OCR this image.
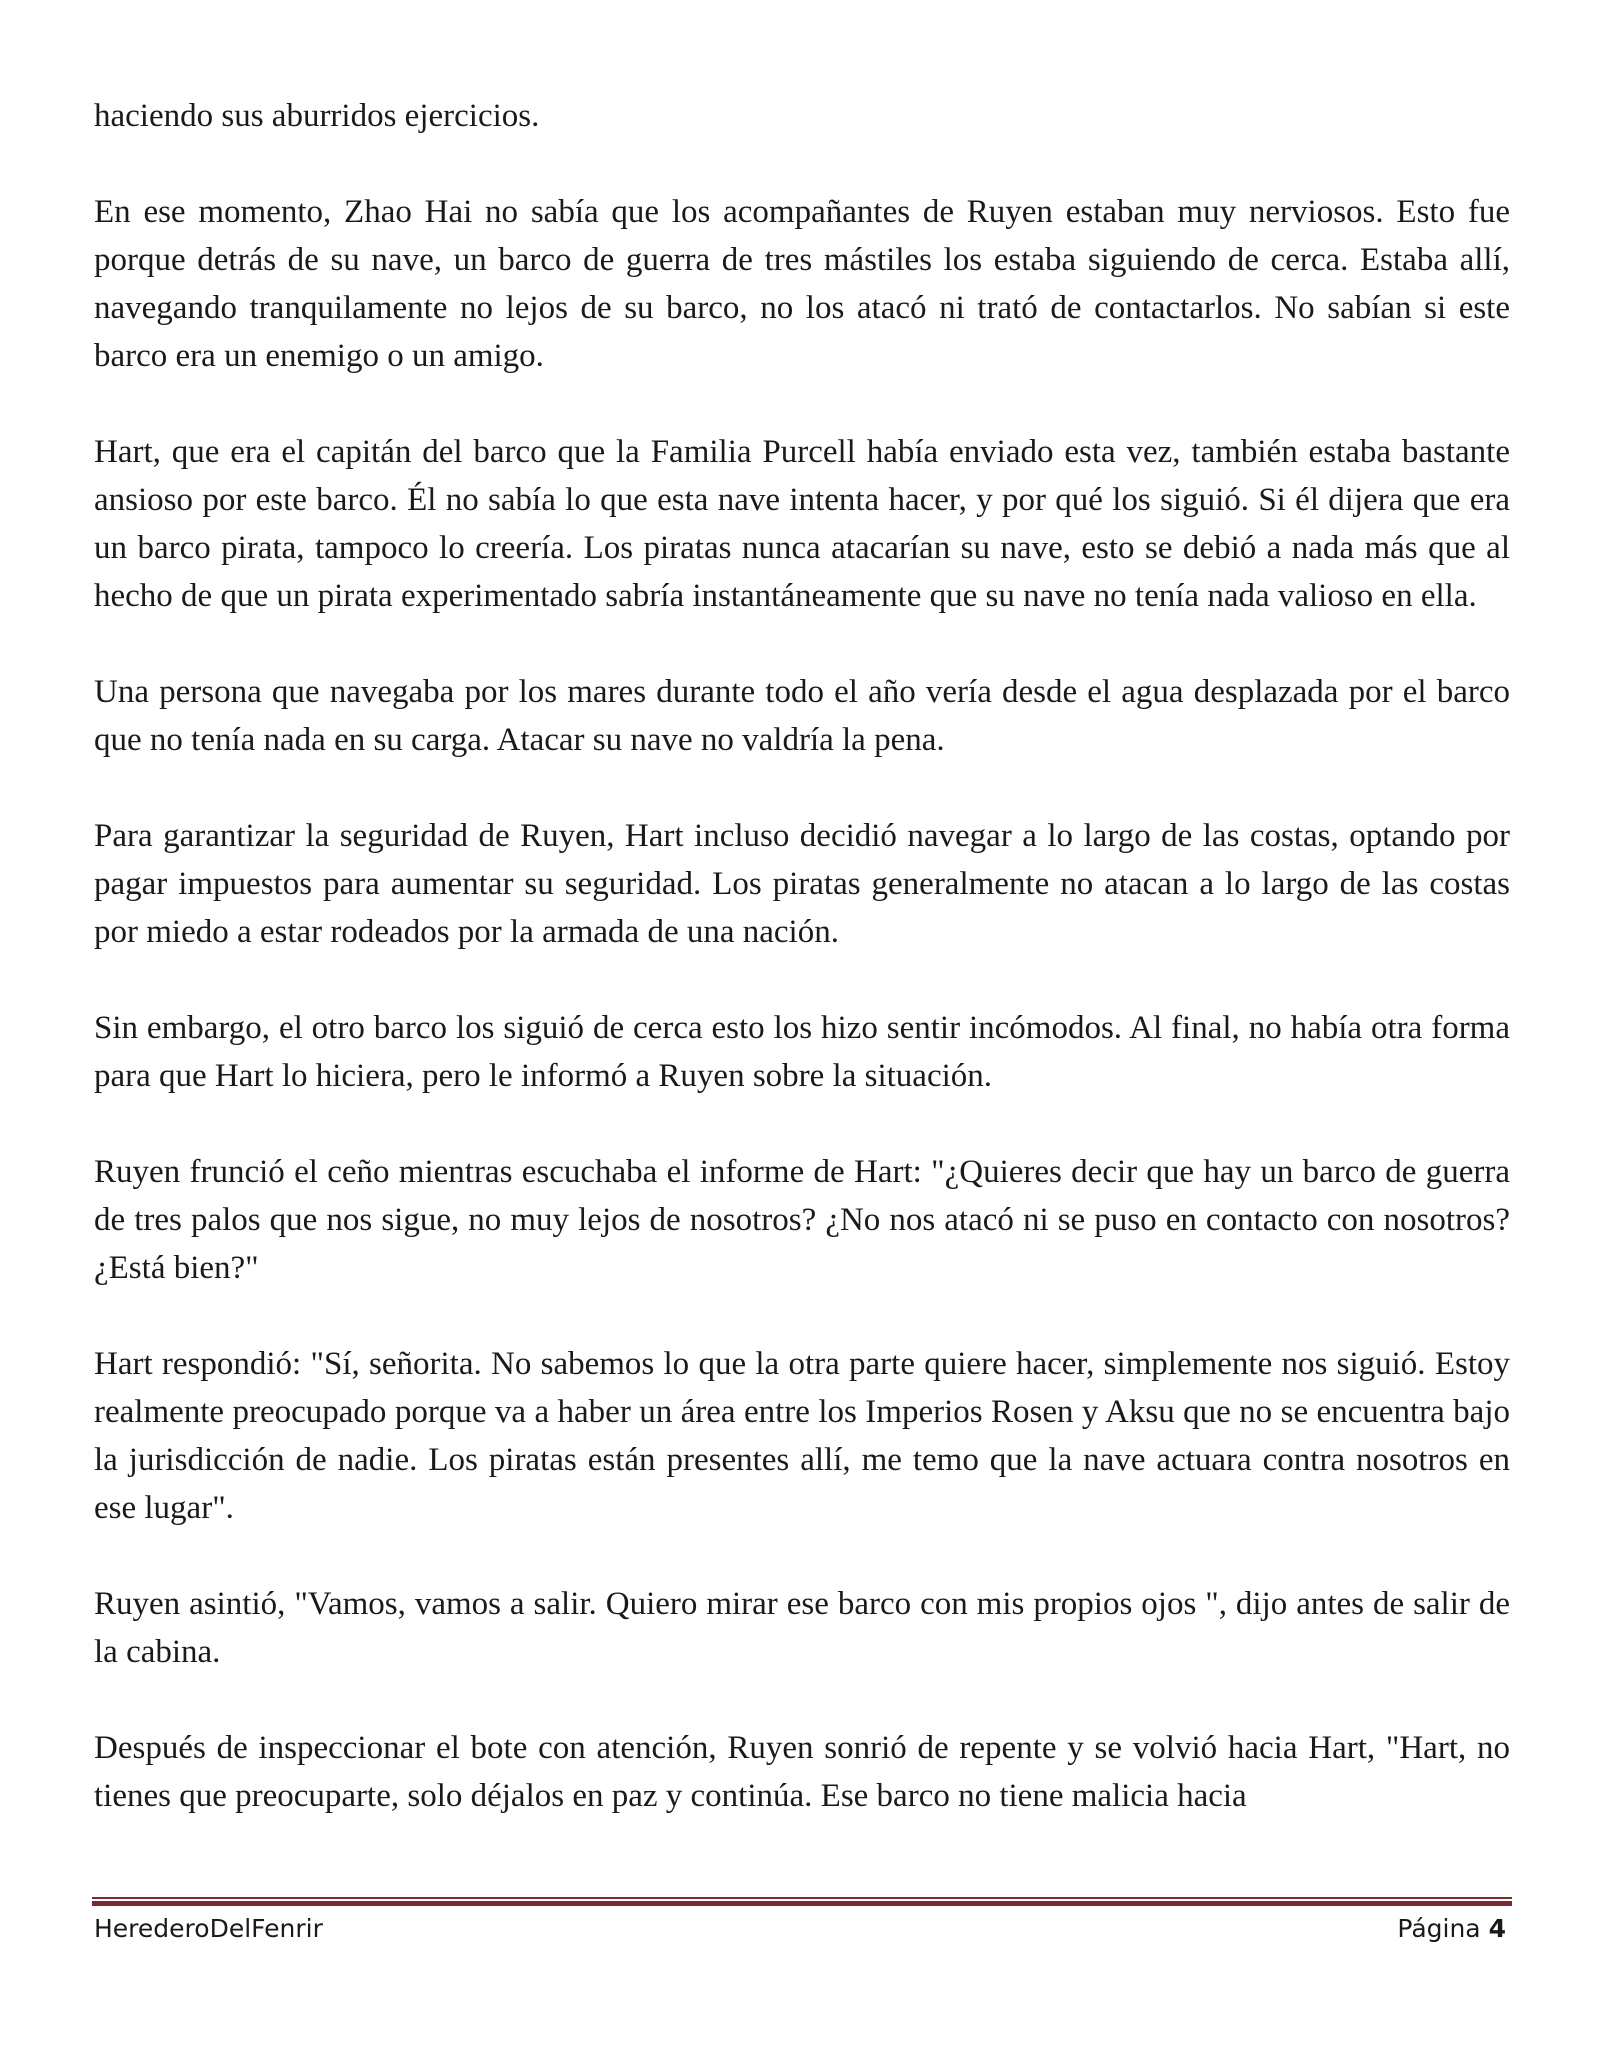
haciendo sus aburridos ejercicios.

En ese momento, Zhao Hai no sabía que los acompañantes de Ruyen estaban muy nerviosos. Esto fue porque detrás de su nave, un barco de guerra de tres mástiles los estaba siguiendo de cerca. Estaba allí, navegando tranquilamente no lejos de su barco, no los atacó ni trató de contactarlos. No sabían si este barco era un enemigo o un amigo.

Hart, que era el capitán del barco que la Familia Purcell había enviado esta vez, también estaba bastante ansioso por este barco. Él no sabía lo que esta nave intenta hacer, y por qué los siguió. Si él dijera que era un barco pirata, tampoco lo creería. Los piratas nunca atacarían su nave, esto se debió a nada más que al hecho de que un pirata experimentado sabría instantáneamente que su nave no tenía nada valioso en ella.

Una persona que navegaba por los mares durante todo el año vería desde el agua desplazada por el barco que no tenía nada en su carga. Atacar su nave no valdría la pena.

Para garantizar la seguridad de Ruyen, Hart incluso decidió navegar a lo largo de las costas, optando por pagar impuestos para aumentar su seguridad. Los piratas generalmente no atacan a lo largo de las costas por miedo a estar rodeados por la armada de una nación.

Sin embargo, el otro barco los siguió de cerca esto los hizo sentir incómodos. Al final, no había otra forma para que Hart lo hiciera, pero le informó a Ruyen sobre la situación.

Ruyen frunció el ceño mientras escuchaba el informe de Hart: "¿Quieres decir que hay un barco de guerra de tres palos que nos sigue, no muy lejos de nosotros? ¿No nos atacó ni se puso en contacto con nosotros? ¿Está bien?"

Hart respondió: "Sí, señorita. No sabemos lo que la otra parte quiere hacer, simplemente nos siguió. Estoy realmente preocupado porque va a haber un área entre los Imperios Rosen y Aksu que no se encuentra bajo la jurisdicción de nadie. Los piratas están presentes allí, me temo que la nave actuara contra nosotros en ese lugar".

Ruyen asintió, "Vamos, vamos a salir. Quiero mirar ese barco con mis propios ojos ", dijo antes de salir de la cabina.

Después de inspeccionar el bote con atención, Ruyen sonrió de repente y se volvió hacia Hart, "Hart, no tienes que preocuparte, solo déjalos en paz y continúa. Ese barco no tiene malicia hacia

HerederoDelFenrir	Página 4
